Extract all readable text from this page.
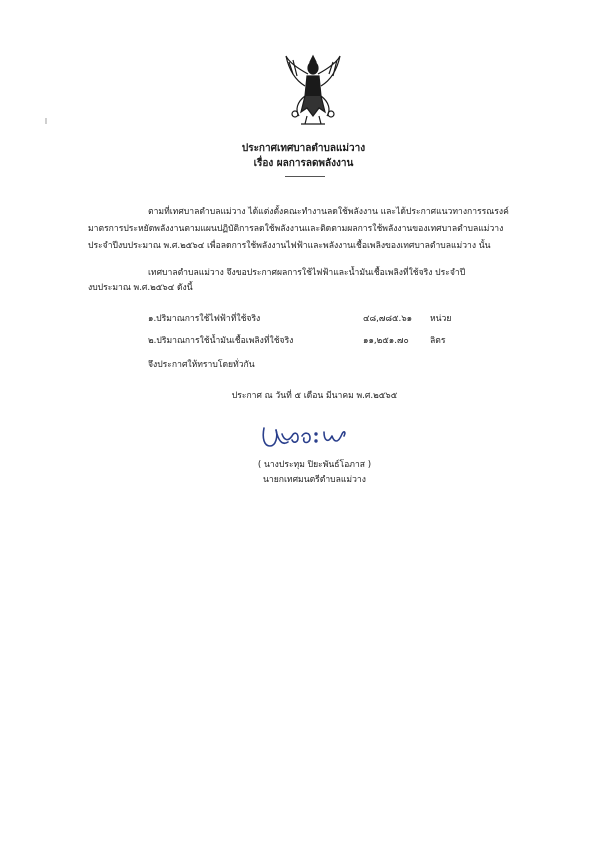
ประกาศเทศบาลตำบลแม่วาง
เรื่อง ผลการลดพลังงาน
ตามที่เทศบาลตำบลแม่วาง ได้แต่งตั้งคณะทำงานลดใช้พลังงาน และได้ประกาศแนวทางการรณรงค์
มาตรการประหยัดพลังงานตามแผนปฏิบัติการลดใช้พลังงานและติดตามผลการใช้พลังงานของเทศบาลตำบลแม่วาง
ประจำปีงบประมาณ พ.ศ.๒๕๖๔ เพื่อลดการใช้พลังงานไฟฟ้าและพลังงานเชื้อเพลิงของเทศบาลตำบลแม่วาง นั้น
เทศบาลตำบลแม่วาง จึงขอประกาศผลการใช้ไฟฟ้าและน้ำมันเชื้อเพลิงที่ใช้จริง ประจำปี
งบประมาณ พ.ศ.๒๕๖๔ ดังนี้
๑.ปริมาณการใช้ไฟฟ้าที่ใช้จริง	๔๘,๗๘๕.๖๑ หน่วย
๒.ปริมาณการใช้น้ำมันเชื้อเพลิงที่ใช้จริง	๑๑,๒๕๑.๗๐ ลิตร
จึงประกาศให้ทราบโดยทั่วกัน
ประกาศ ณ วันที่ ๕ เดือน มีนาคม พ.ศ.๒๕๖๕
( นางประทุม ปิยะพันธ์โอภาส )
นายกเทศมนตรีตำบลแม่วาง
